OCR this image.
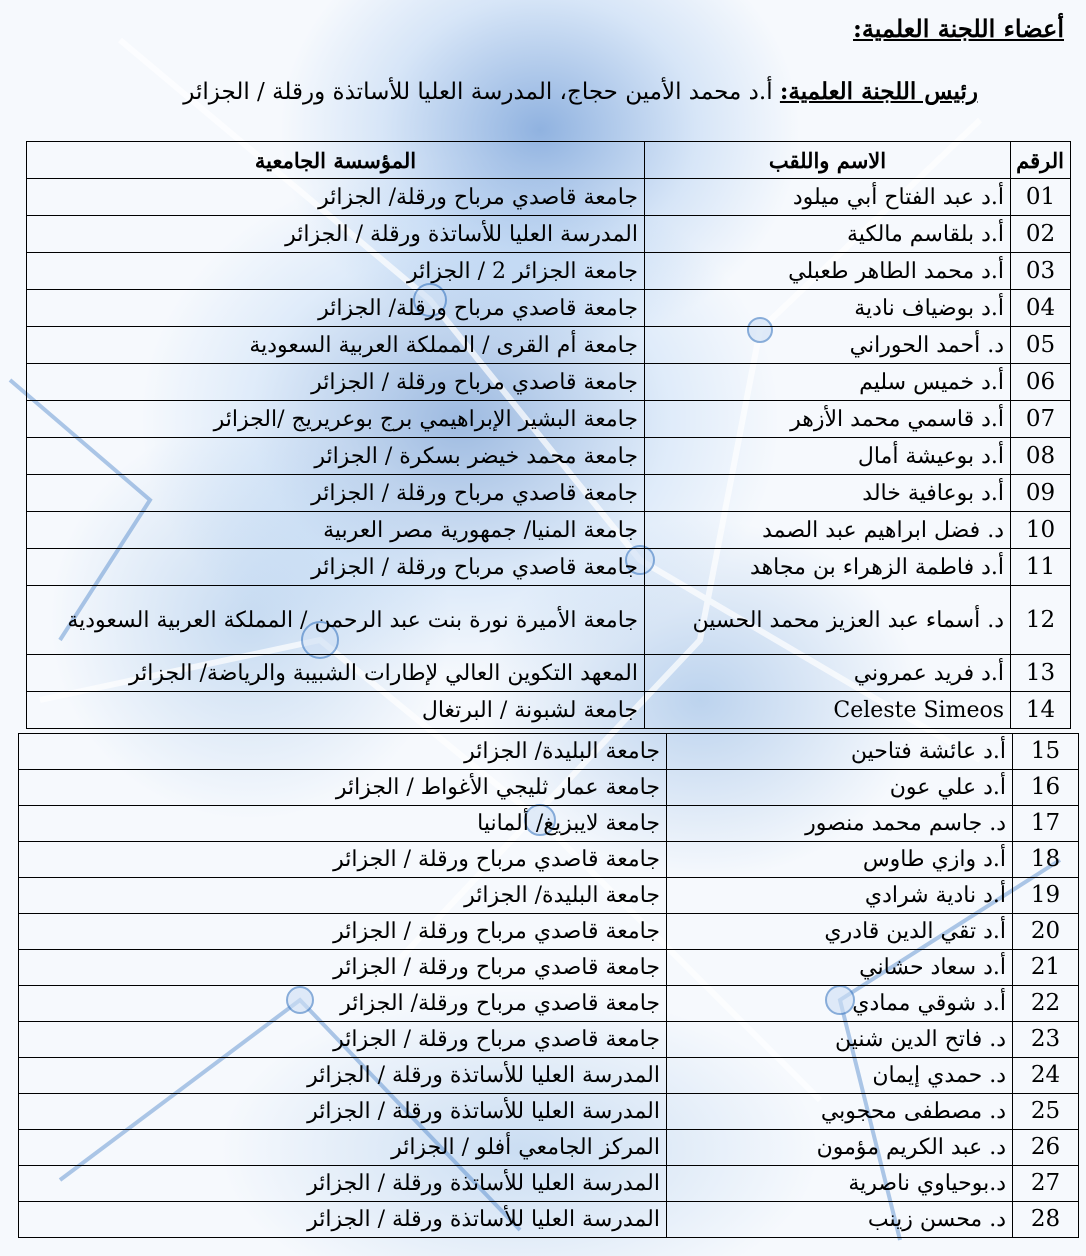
أعضاء اللجنة العلمية:
رئيس اللجنة العلمية: أ.د محمد الأمين حجاج، المدرسة العليا للأساتذة ورقلة / الجزائر
الرقم	الاسم واللقب	المؤسسة الجامعية
01	أ.د عبد الفتاح أبي ميلود	جامعة قاصدي مرباح ورقلة/ الجزائر
02	أ.د بلقاسم مالكية	المدرسة العليا للأساتذة ورقلة / الجزائر
03	أ.د محمد الطاهر طعبلي	جامعة الجزائر 2 / الجزائر
04	أ.د بوضياف نادية	جامعة قاصدي مرباح ورقلة/ الجزائر
05	د. أحمد الحوراني	جامعة أم القرى / المملكة العربية السعودية
06	أ.د خميس سليم	جامعة قاصدي مرباح ورقلة / الجزائر
07	أ.د قاسمي محمد الأزهر	جامعة البشير الإبراهيمي برج بوعريريج /الجزائر
08	أ.د بوعيشة أمال	جامعة محمد خيضر بسكرة / الجزائر
09	أ.د بوعافية خالد	جامعة قاصدي مرباح ورقلة / الجزائر
10	د. فضل ابراهيم عبد الصمد	جامعة المنيا/ جمهورية مصر العربية
11	أ.د فاطمة الزهراء بن مجاهد	جامعة قاصدي مرباح ورقلة / الجزائر
12	د. أسماء عبد العزيز محمد الحسين	جامعة الأميرة نورة بنت عبد الرحمن / المملكة العربية السعودية
13	أ.د فريد عمروني	المعهد التكوين العالي لإطارات الشبيبة والرياضة/ الجزائر
14	Celeste Simeos	جامعة لشبونة / البرتغال
15	أ.د عائشة فتاحين	جامعة البليدة/ الجزائر
16	أ.د علي عون	جامعة عمار ثليجي الأغواط / الجزائر
17	د. جاسم محمد منصور	جامعة لايبزيغ/ ألمانيا
18	أ.د وازي طاوس	جامعة قاصدي مرباح ورقلة / الجزائر
19	أ.د نادية شرادي	جامعة البليدة/ الجزائر
20	أ.د تقي الدين قادري	جامعة قاصدي مرباح ورقلة / الجزائر
21	أ.د سعاد حشاني	جامعة قاصدي مرباح ورقلة / الجزائر
22	أ.د شوقي ممادي	جامعة قاصدي مرباح ورقلة/ الجزائر
23	د. فاتح الدين شنين	جامعة قاصدي مرباح ورقلة / الجزائر
24	د. حمدي إيمان	المدرسة العليا للأساتذة ورقلة / الجزائر
25	د. مصطفى محجوبي	المدرسة العليا للأساتذة ورقلة / الجزائر
26	د. عبد الكريم مؤمون	المركز الجامعي أفلو / الجزائر
27	د.بوحياوي ناصرية	المدرسة العليا للأساتذة ورقلة / الجزائر
28	د. محسن زينب	المدرسة العليا للأساتذة ورقلة / الجزائر
